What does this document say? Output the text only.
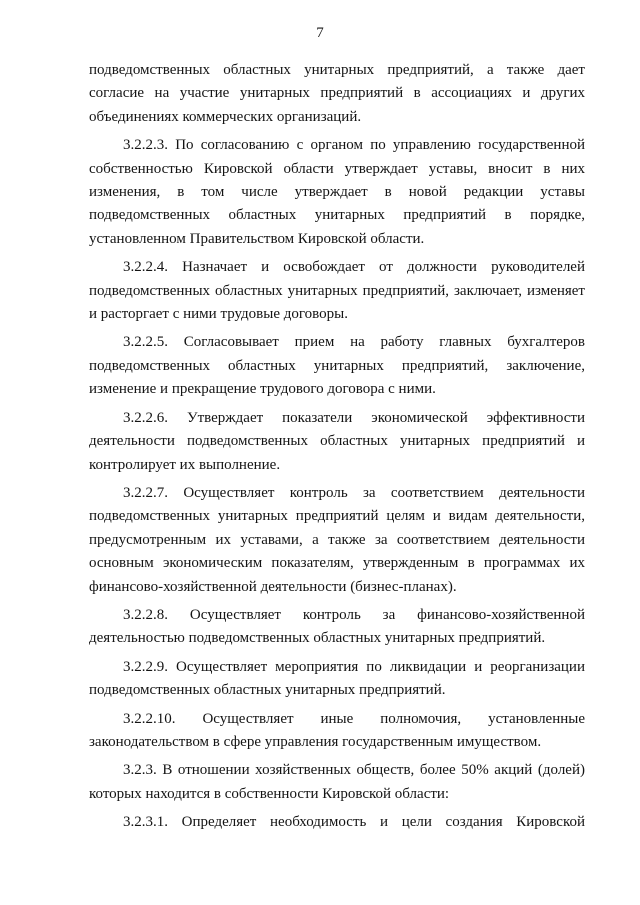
7

подведомственных областных унитарных предприятий, а также дает согласие на участие унитарных предприятий в ассоциациях и других объединениях коммерческих организаций.

3.2.2.3. По согласованию с органом по управлению государственной собственностью Кировской области утверждает уставы, вносит в них изменения, в том числе утверждает в новой редакции уставы подведомственных областных унитарных предприятий в порядке, установленном Правительством Кировской области.

3.2.2.4. Назначает и освобождает от должности руководителей подведомственных областных унитарных предприятий, заключает, изменяет и расторгает с ними трудовые договоры.

3.2.2.5. Согласовывает прием на работу главных бухгалтеров подведомственных областных унитарных предприятий, заключение, изменение и прекращение трудового договора с ними.

3.2.2.6. Утверждает показатели экономической эффективности деятельности подведомственных областных унитарных предприятий и контролирует их выполнение.

3.2.2.7. Осуществляет контроль за соответствием деятельности подведомственных унитарных предприятий целям и видам деятельности, предусмотренным их уставами, а также за соответствием деятельности основным экономическим показателям, утвержденным в программах их финансово-хозяйственной деятельности (бизнес-планах).

3.2.2.8. Осуществляет контроль за финансово-хозяйственной деятельностью подведомственных областных унитарных предприятий.

3.2.2.9. Осуществляет мероприятия по ликвидации и реорганизации подведомственных областных унитарных предприятий.

3.2.2.10. Осуществляет иные полномочия, установленные законодательством в сфере управления государственным имуществом.

3.2.3. В отношении хозяйственных обществ, более 50% акций (долей) которых находится в собственности Кировской области:

3.2.3.1. Определяет необходимость и цели создания Кировской
